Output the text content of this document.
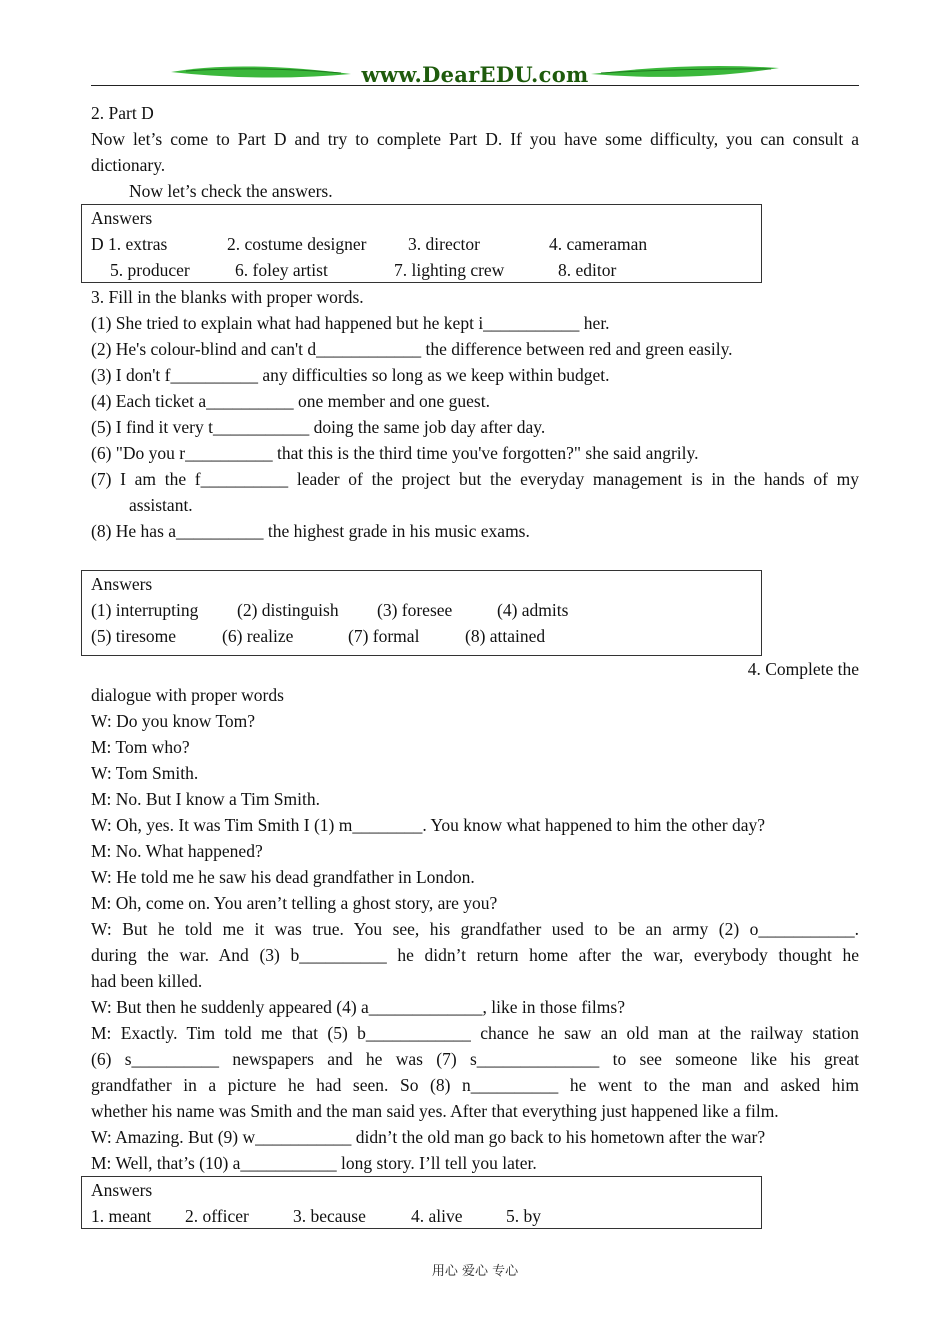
www.DearEDU.com
2. Part D
Now let’s come to Part D and try to complete Part D. If you have some difficulty, you can consult a
dictionary.
Now let’s check the answers.
Answers
D 1. extras	2. costume designer 3. director	4. cameraman
5. producer	6. foley artist	7. lighting crew	8. editor
3. Fill in the blanks with proper words.
(1) She tried to explain what had happened but he kept i___________ her.
(2) He's colour-blind and can't d____________ the difference between red and green easily.
(3) I don't f__________ any difficulties so long as we keep within budget.
(4) Each ticket a__________ one member and one guest.
(5) I find it very t___________ doing the same job day after day.
(6) "Do you r__________ that this is the third time you've forgotten?" she said angrily.
(7) I am the f__________ leader of the project but the everyday management is in the hands of my
assistant.
(8) He has a__________ the highest grade in his music exams.
Answers
(1) interrupting (2) distinguish (3) foresee	(4) admits
(5) tiresome	(6) realize	(7) formal	(8) attained
4. Complete the
dialogue with proper words
W: Do you know Tom?
M: Tom who?
W: Tom Smith.
M: No. But I know a Tim Smith.
W: Oh, yes. It was Tim Smith I (1) m________. You know what happened to him the other day?
M: No. What happened?
W: He told me he saw his dead grandfather in London.
M: Oh, come on. You aren’t telling a ghost story, are you?
W: But he told me it was true. You see, his grandfather used to be an army (2) o___________.
during the war. And (3) b__________ he didn’t return home after the war, everybody thought he
had been killed.
W: But then he suddenly appeared (4) a_____________, like in those films?
M: Exactly. Tim told me that (5) b____________ chance he saw an old man at the railway station
(6) s__________ newspapers and he was (7) s______________ to see someone like his great
grandfather in a picture he had seen. So (8) n__________ he went to the man and asked him
whether his name was Smith and the man said yes. After that everything just happened like a film.
W: Amazing. But (9) w___________ didn’t the old man go back to his hometown after the war?
M: Well, that’s (10) a___________ long story. I’ll tell you later.
Answers
1. meant 2. officer	3. because	4. alive 5. by
用心 爱心 专心
